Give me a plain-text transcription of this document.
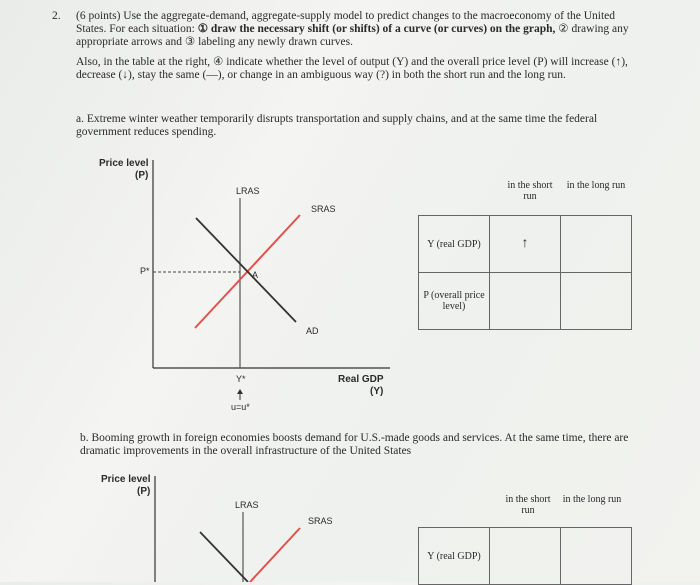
2. (6 points) Use the aggregate-demand, aggregate-supply model to predict changes to the macroeconomy of the United States. For each situation: ① draw the necessary shift (or shifts) of a curve (or curves) on the graph, ② drawing any appropriate arrows and ③ labeling any newly drawn curves.
Also, in the table at the right, ④ indicate whether the level of output (Y) and the overall price level (P) will increase (↑), decrease (↓), stay the same (—), or change in an ambiguous way (?) in both the short run and the long run.
a. Extreme winter weather temporarily disrupts transportation and supply chains, and at the same time the federal government reduces spending.
Price level
(P)
LRAS
SRAS
AD
A
P*
Y*
u=u*
Real GDP
(Y)
in the short run
in the long run
Y (real GDP)	↑	
P (overall price level)		
b. Booming growth in foreign economies boosts demand for U.S.-made goods and services. At the same time, there are dramatic improvements in the overall infrastructure of the United States
Price level
(P)
LRAS
SRAS
in the short run
in the long run
Y (real GDP)		
